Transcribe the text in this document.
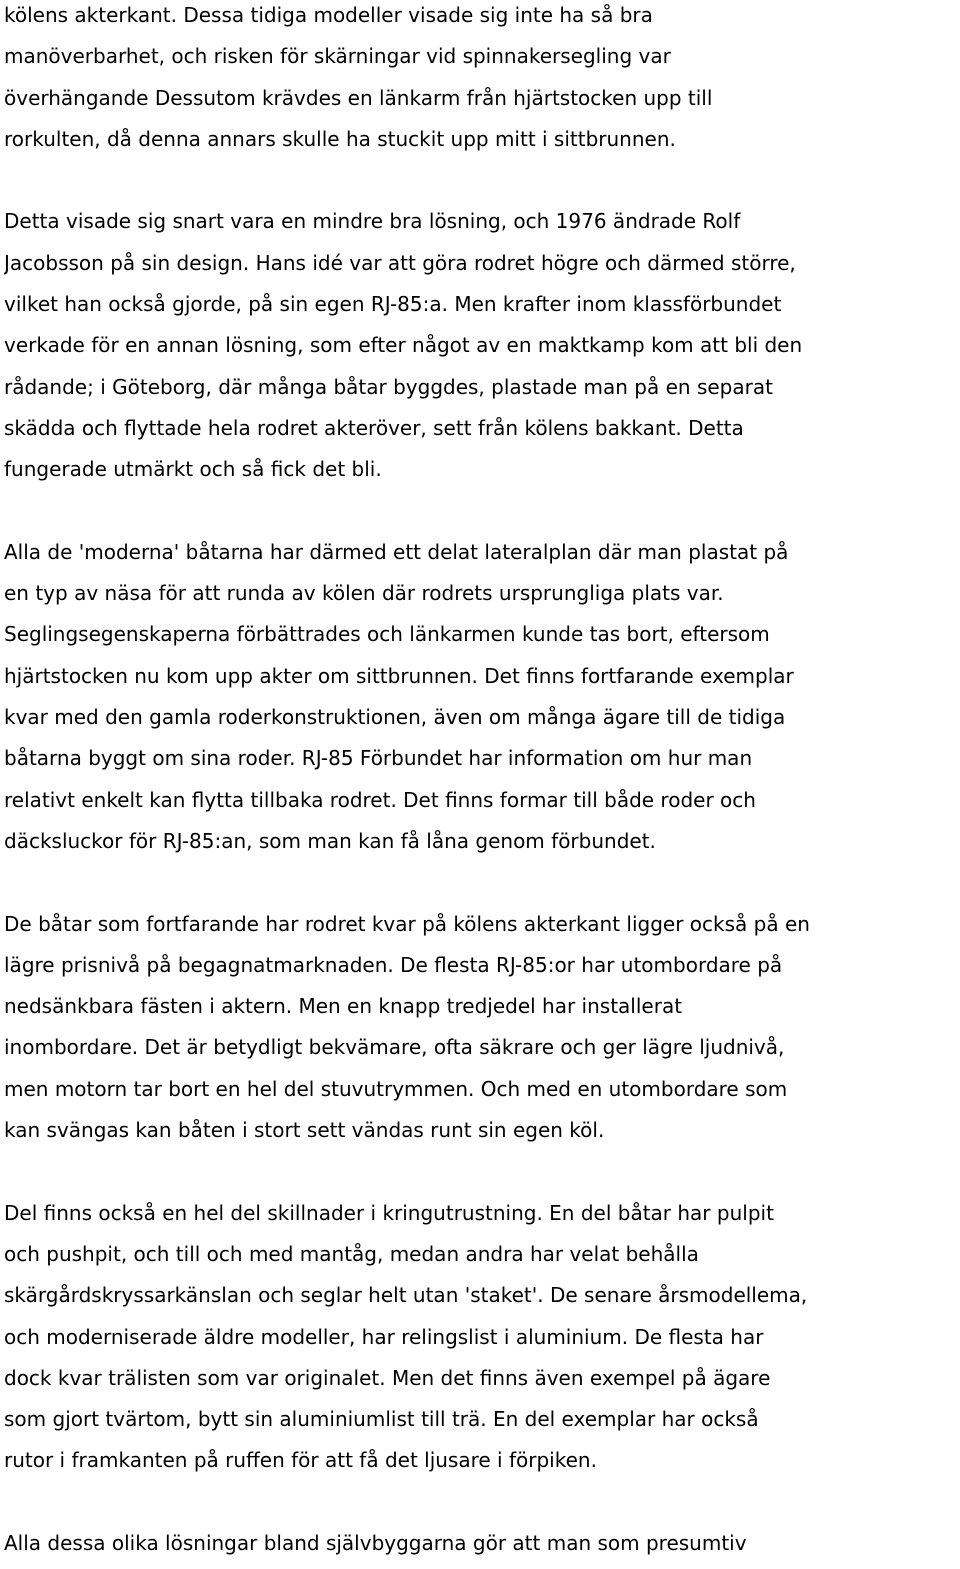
kölens akterkant. Dessa tidiga modeller visade sig inte ha så bra
manöverbarhet, och risken för skärningar vid spinnakersegling var
överhängande Dessutom krävdes en länkarm från hjärtstocken upp till
rorkulten, då denna annars skulle ha stuckit upp mitt i sittbrunnen.
Detta visade sig snart vara en mindre bra lösning, och 1976 ändrade Rolf
Jacobsson på sin design. Hans idé var att göra rodret högre och därmed större,
vilket han också gjorde, på sin egen RJ-85:a. Men krafter inom klassförbundet
verkade för en annan lösning, som efter något av en maktkamp kom att bli den
rådande; i Göteborg, där många båtar byggdes, plastade man på en separat
skädda och flyttade hela rodret akteröver, sett från kölens bakkant. Detta
fungerade utmärkt och så fick det bli.
Alla de 'moderna' båtarna har därmed ett delat lateralplan där man plastat på
en typ av näsa för att runda av kölen där rodrets ursprungliga plats var.
Seglingsegenskaperna förbättrades och länkarmen kunde tas bort, eftersom
hjärtstocken nu kom upp akter om sittbrunnen. Det finns fortfarande exemplar
kvar med den gamla roderkonstruktionen, även om många ägare till de tidiga
båtarna byggt om sina roder. RJ-85 Förbundet har information om hur man
relativt enkelt kan flytta tillbaka rodret. Det finns formar till både roder och
däcksluckor för RJ-85:an, som man kan få låna genom förbundet.
De båtar som fortfarande har rodret kvar på kölens akterkant ligger också på en
lägre prisnivå på begagnatmarknaden. De flesta RJ-85:or har utombordare på
nedsänkbara fästen i aktern. Men en knapp tredjedel har installerat
inombordare. Det är betydligt bekvämare, ofta säkrare och ger lägre ljudnivå,
men motorn tar bort en hel del stuvutrymmen. Och med en utombordare som
kan svängas kan båten i stort sett vändas runt sin egen köl.
Del finns också en hel del skillnader i kringutrustning. En del båtar har pulpit
och pushpit, och till och med mantåg, medan andra har velat behålla
skärgårdskryssarkänslan och seglar helt utan 'staket'. De senare årsmodellema,
och moderniserade äldre modeller, har relingslist i aluminium. De flesta har
dock kvar trälisten som var originalet. Men det finns även exempel på ägare
som gjort tvärtom, bytt sin aluminiumlist till trä. En del exemplar har också
rutor i framkanten på ruffen för att få det ljusare i förpiken.
Alla dessa olika lösningar bland självbyggarna gör att man som presumtiv
